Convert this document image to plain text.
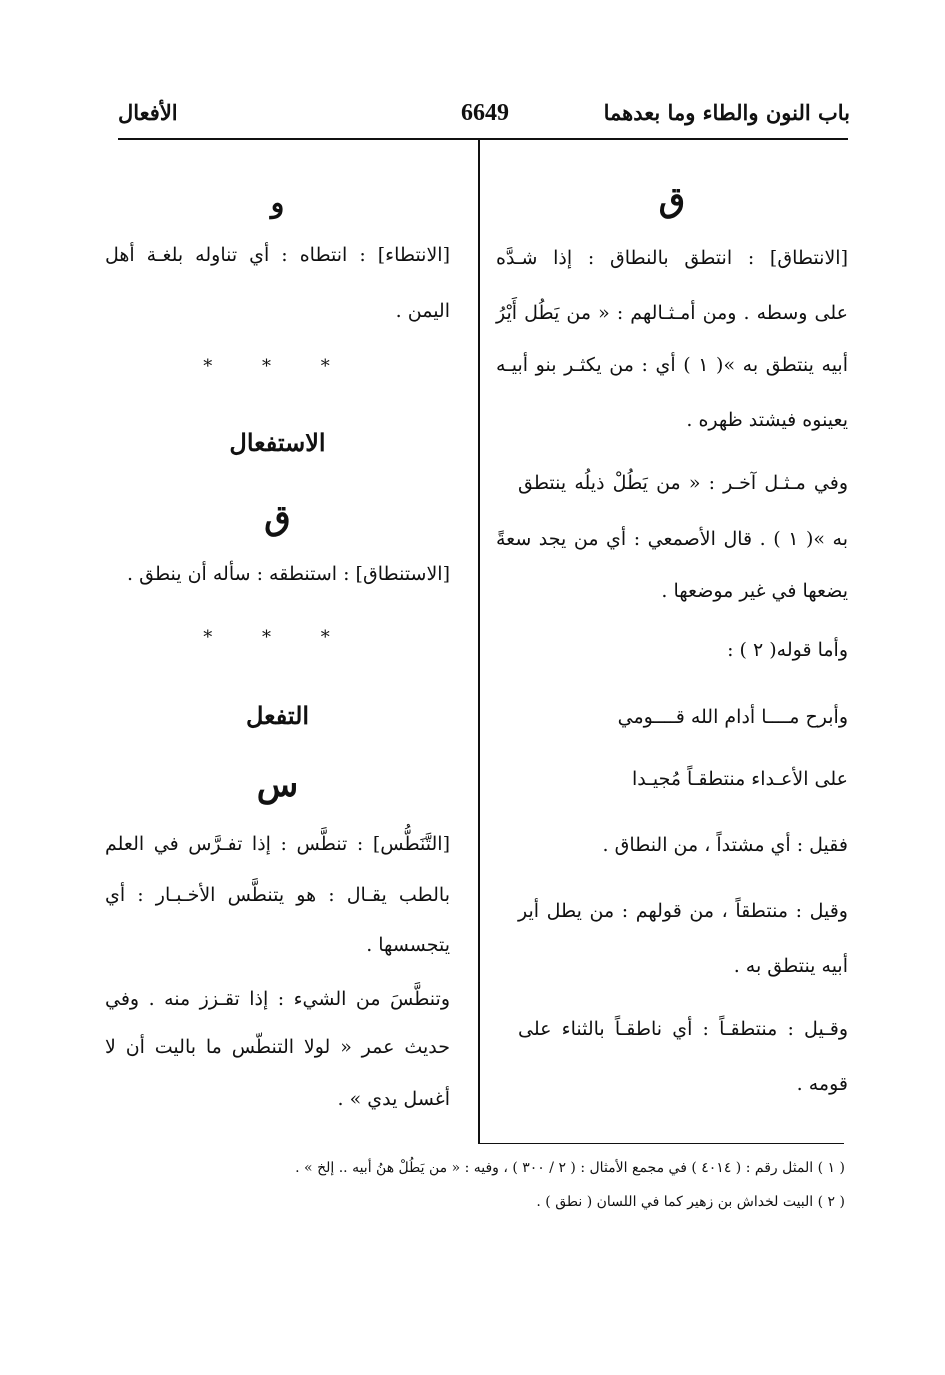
باب النون والطاء وما بعدهما
6649
الأفعال
ق
[الانتطاق] : انتطق بالنطاق : إذا شـدَّه
على وسطه . ومن أمـثـالهم : « من يَطُل أَيْرُ
أبيه ينتطق به »( ١ ) أي : من يكثـر بنو أبيـه
يعينوه فيشتد ظهره .
وفي مـثـل آخـر : « من يَطُلْ ذيلُه ينتطق
به »( ١ ) . قال الأصمعي : أي من يجد سعةً
يضعها في غير موضعها .
وأما قوله( ٢ ) :
وأبرح مــــا أدام الله قــــومي
على الأعـداء منتطقـاً مُجيـدا
فقيل : أي مشتداً ، من النطاق .
وقيل : منتطقاً ، من قولهم : من يطل أير
أبيه ينتطق به .
وقـيل : منتطقـاً : أي ناطقـاً بالثناء على
قومه .
و
[الانتطاء] : انتطاه : أي تناوله بلغـة أهل
اليمن .
* * *
الاستفعال
ق
[الاستنطاق] : استنطقه : سأله أن ينطق .
* * *
التفعل
س
[التَّنَطُّس] : تنطَّس : إذا تفـرَّس في العلم
بالطب يقـال : هو يتنطَّس الأخـبـار : أي
يتجسسها .
وتنطَّسَ من الشيء : إذا تقـزز منه . وفي
حديث عمر « لولا التنطّس ما باليت أن لا
أغسل يدي » .
( ١ ) المثل رقم : ( ٤٠١٤ ) في مجمع الأمثال : ( ٢ / ٣٠٠ ) ، وفيه : « من يَطُلْ هنُ أبيه .. إلخ » .
( ٢ ) البيت لخداش بن زهير كما في اللسان ( نطق ) .
